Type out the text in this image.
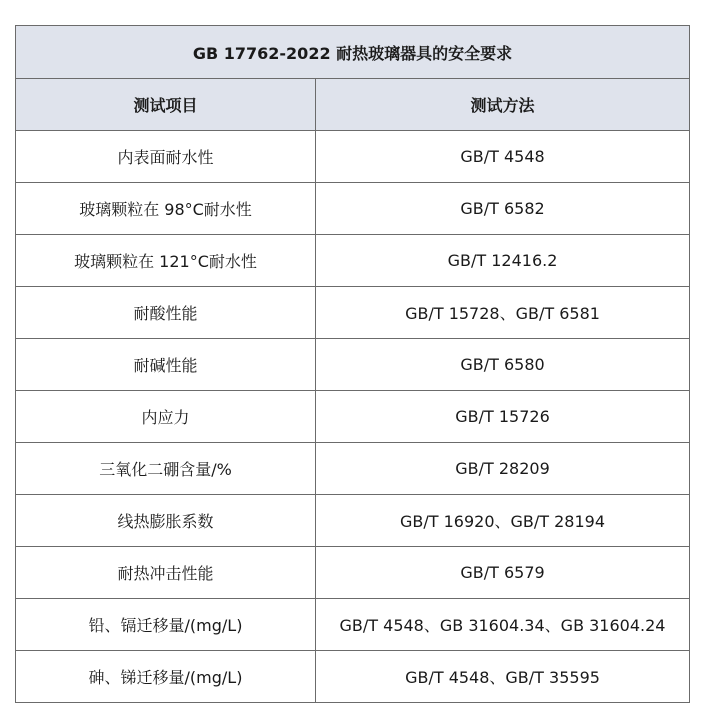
GB 17762-2022 耐热玻璃器具的安全要求	
测试项目	测试方法
内表面耐水性	GB/T 4548
玻璃颗粒在 98°C耐水性	GB/T 6582
玻璃颗粒在 121°C耐水性	GB/T 12416.2
耐酸性能	GB/T 15728、GB/T 6581
耐碱性能	GB/T 6580
内应力	GB/T 15726
三氧化二硼含量/%	GB/T 28209
线热膨胀系数	GB/T 16920、GB/T 28194
耐热冲击性能	GB/T 6579
铅、镉迁移量/(mg/L)	GB/T 4548、GB 31604.34、GB 31604.24
砷、锑迁移量/(mg/L)	GB/T 4548、GB/T 35595
